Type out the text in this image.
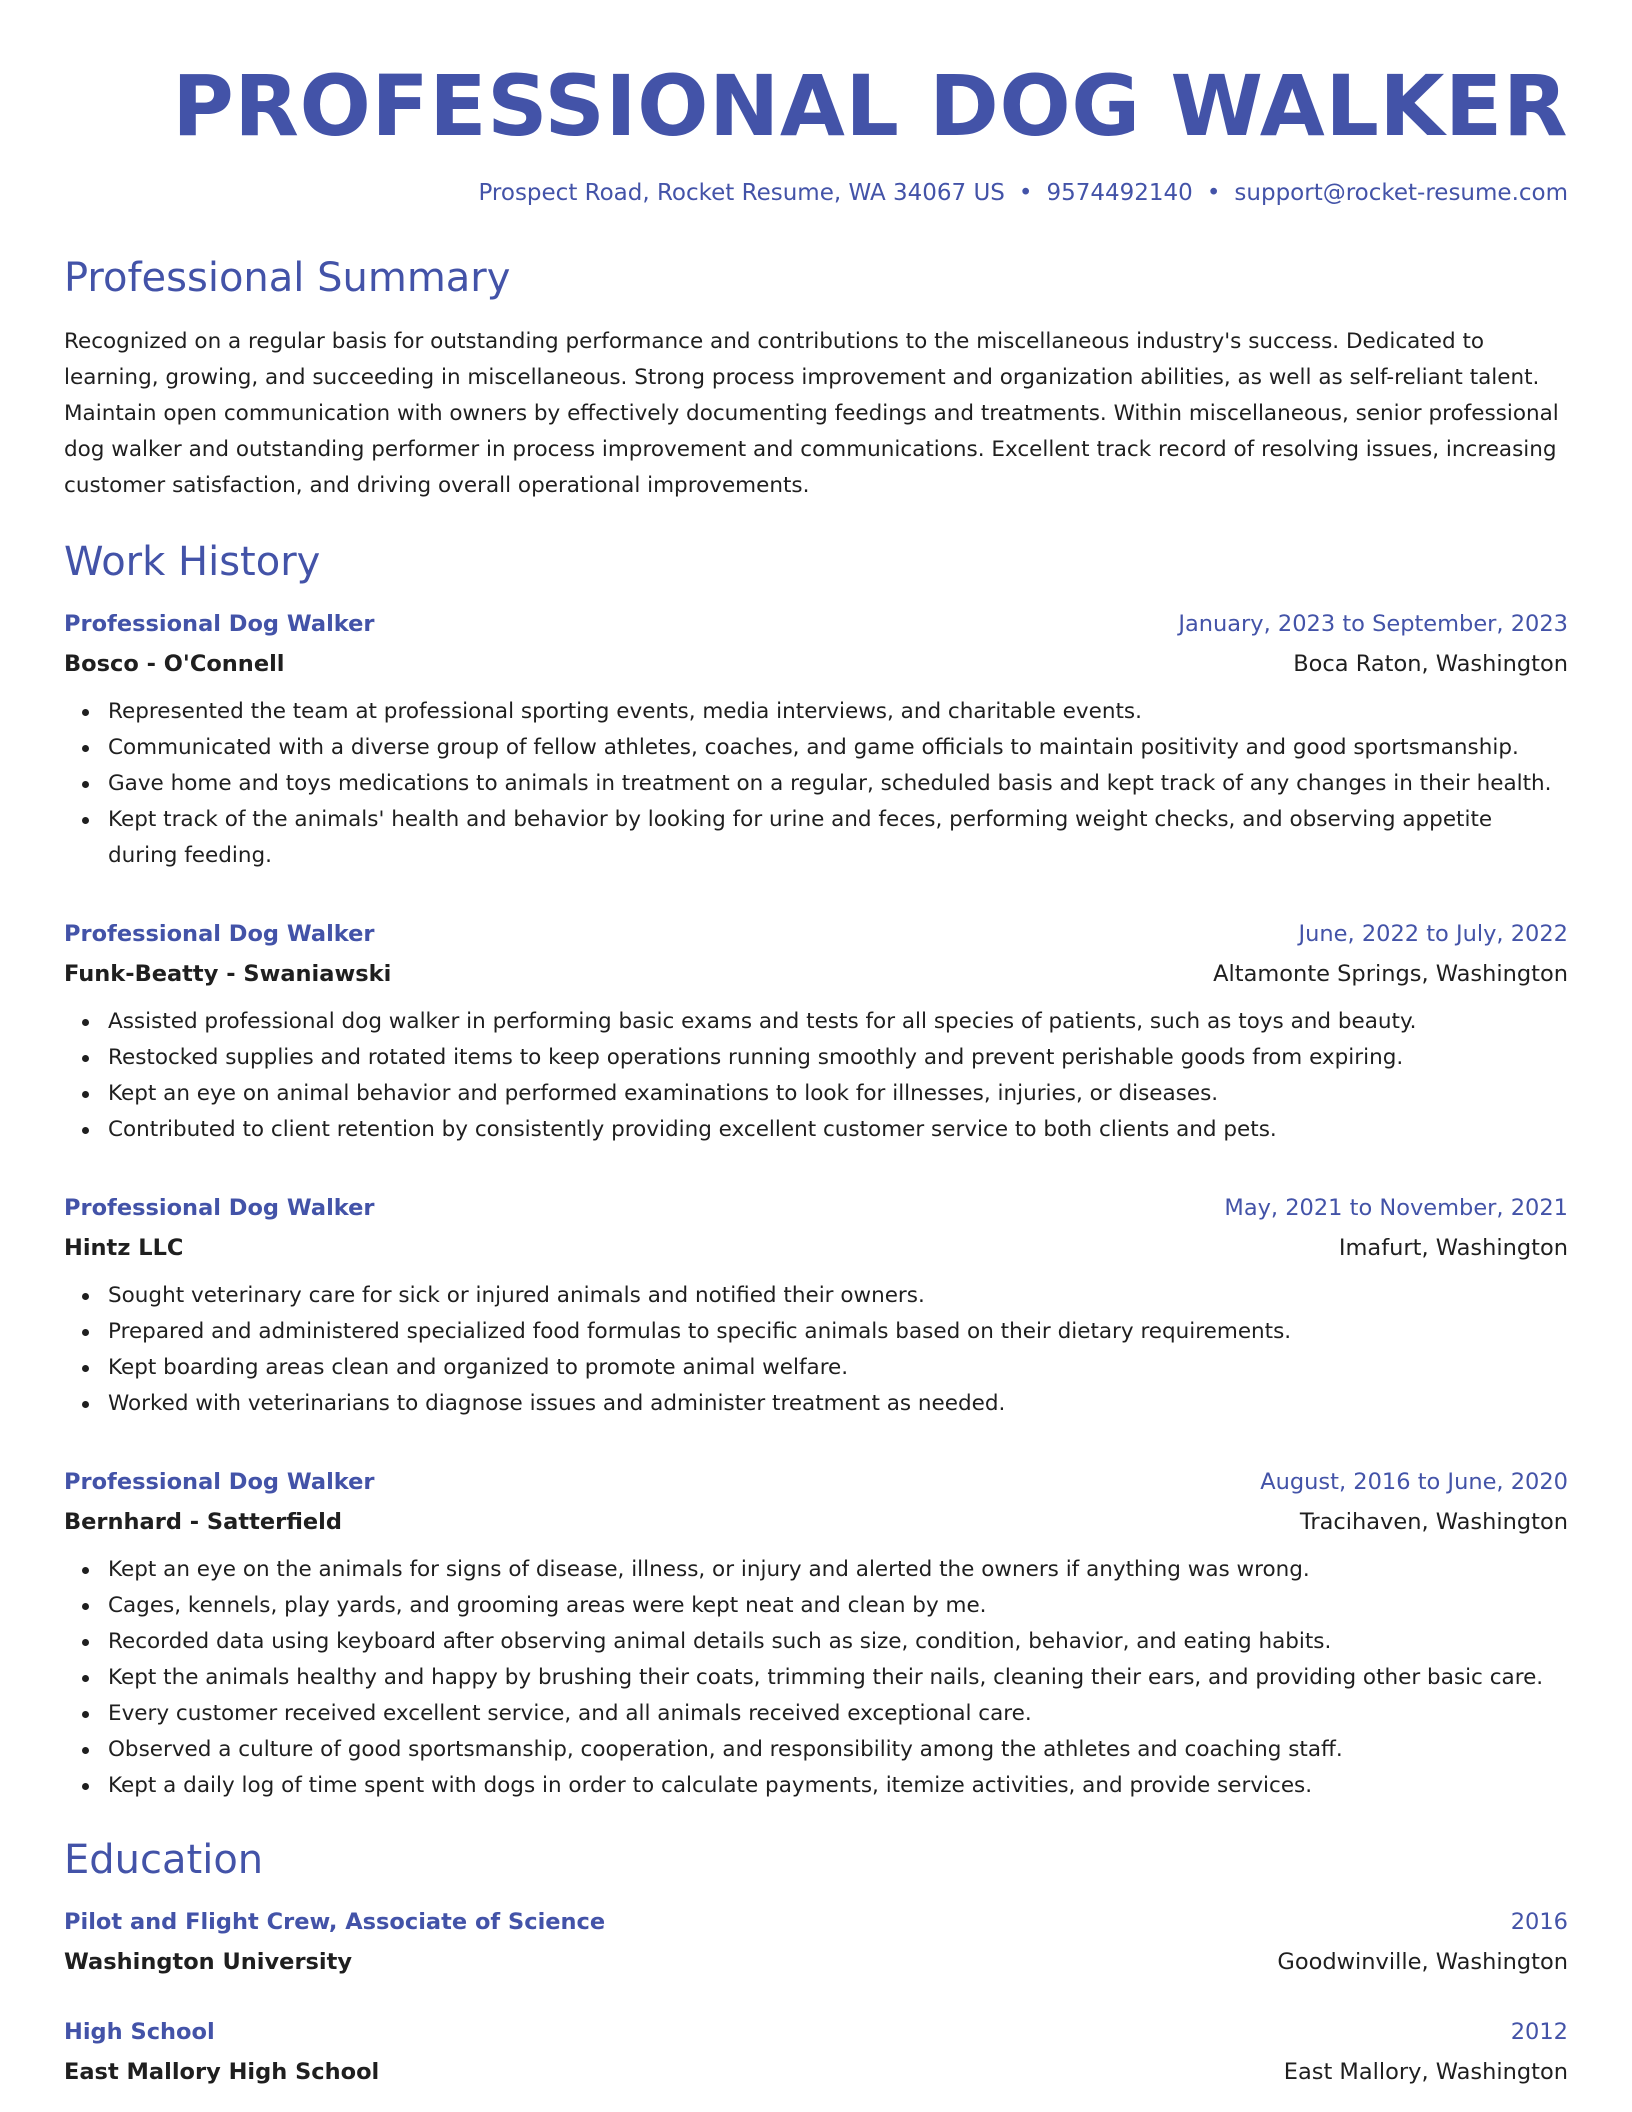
PROFESSIONAL DOG WALKER
Prospect Road, Rocket Resume, WA 34067 US • 9574492140 • support@rocket-resume.com
Professional Summary
Recognized on a regular basis for outstanding performance and contributions to the miscellaneous industry's success. Dedicated to learning, growing, and succeeding in miscellaneous. Strong process improvement and organization abilities, as well as self-reliant talent. Maintain open communication with owners by effectively documenting feedings and treatments. Within miscellaneous, senior professional dog walker and outstanding performer in process improvement and communications. Excellent track record of resolving issues, increasing customer satisfaction, and driving overall operational improvements.
Work History
Professional Dog Walker	January, 2023 to September, 2023
Bosco - O'Connell	Boca Raton, Washington
Represented the team at professional sporting events, media interviews, and charitable events.
Communicated with a diverse group of fellow athletes, coaches, and game officials to maintain positivity and good sportsmanship.
Gave home and toys medications to animals in treatment on a regular, scheduled basis and kept track of any changes in their health.
Kept track of the animals' health and behavior by looking for urine and feces, performing weight checks, and observing appetite during feeding.
Professional Dog Walker	June, 2022 to July, 2022
Funk-Beatty - Swaniawski	Altamonte Springs, Washington
Assisted professional dog walker in performing basic exams and tests for all species of patients, such as toys and beauty.
Restocked supplies and rotated items to keep operations running smoothly and prevent perishable goods from expiring.
Kept an eye on animal behavior and performed examinations to look for illnesses, injuries, or diseases.
Contributed to client retention by consistently providing excellent customer service to both clients and pets.
Professional Dog Walker	May, 2021 to November, 2021
Hintz LLC	Imafurt, Washington
Sought veterinary care for sick or injured animals and notified their owners.
Prepared and administered specialized food formulas to specific animals based on their dietary requirements.
Kept boarding areas clean and organized to promote animal welfare.
Worked with veterinarians to diagnose issues and administer treatment as needed.
Professional Dog Walker	August, 2016 to June, 2020
Bernhard - Satterfield	Tracihaven, Washington
Kept an eye on the animals for signs of disease, illness, or injury and alerted the owners if anything was wrong.
Cages, kennels, play yards, and grooming areas were kept neat and clean by me.
Recorded data using keyboard after observing animal details such as size, condition, behavior, and eating habits.
Kept the animals healthy and happy by brushing their coats, trimming their nails, cleaning their ears, and providing other basic care.
Every customer received excellent service, and all animals received exceptional care.
Observed a culture of good sportsmanship, cooperation, and responsibility among the athletes and coaching staff.
Kept a daily log of time spent with dogs in order to calculate payments, itemize activities, and provide services.
Education
Pilot and Flight Crew, Associate of Science	2016
Washington University	Goodwinville, Washington
High School	2012
East Mallory High School	East Mallory, Washington
